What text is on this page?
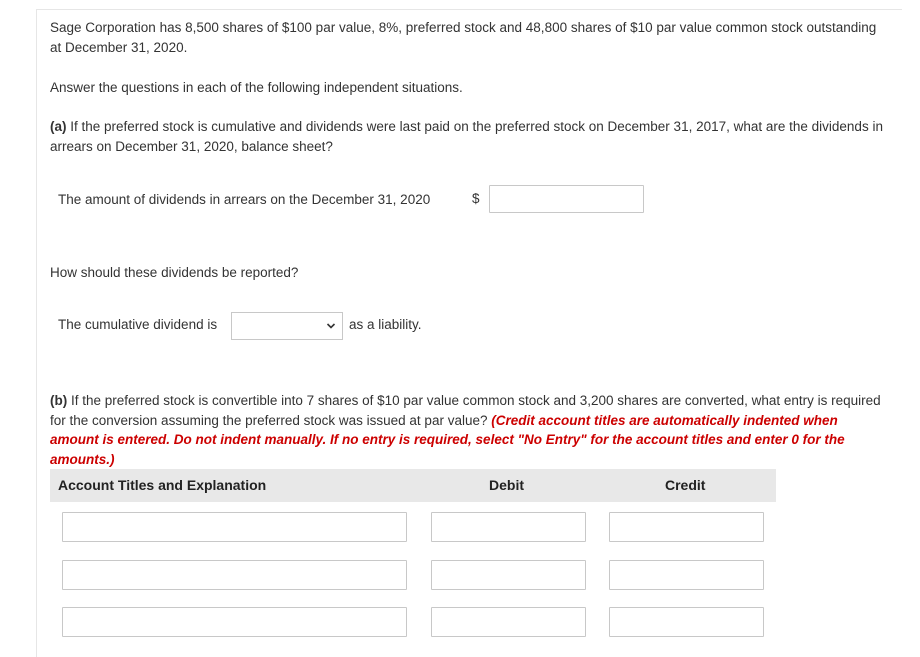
Sage Corporation has 8,500 shares of $100 par value, 8%, preferred stock and 48,800 shares of $10 par value common stock outstanding at December 31, 2020.
Answer the questions in each of the following independent situations.
(a) If the preferred stock is cumulative and dividends were last paid on the preferred stock on December 31, 2017, what are the dividends in arrears on December 31, 2020, balance sheet?
The amount of dividends in arrears on the December 31, 2020	$
How should these dividends be reported?
The cumulative dividend is	as a liability.
(b) If the preferred stock is convertible into 7 shares of $10 par value common stock and 3,200 shares are converted, what entry is required for the conversion assuming the preferred stock was issued at par value? (Credit account titles are automatically indented when amount is entered. Do not indent manually. If no entry is required, select "No Entry" for the account titles and enter 0 for the amounts.)
Account Titles and Explanation	Debit	Credit
